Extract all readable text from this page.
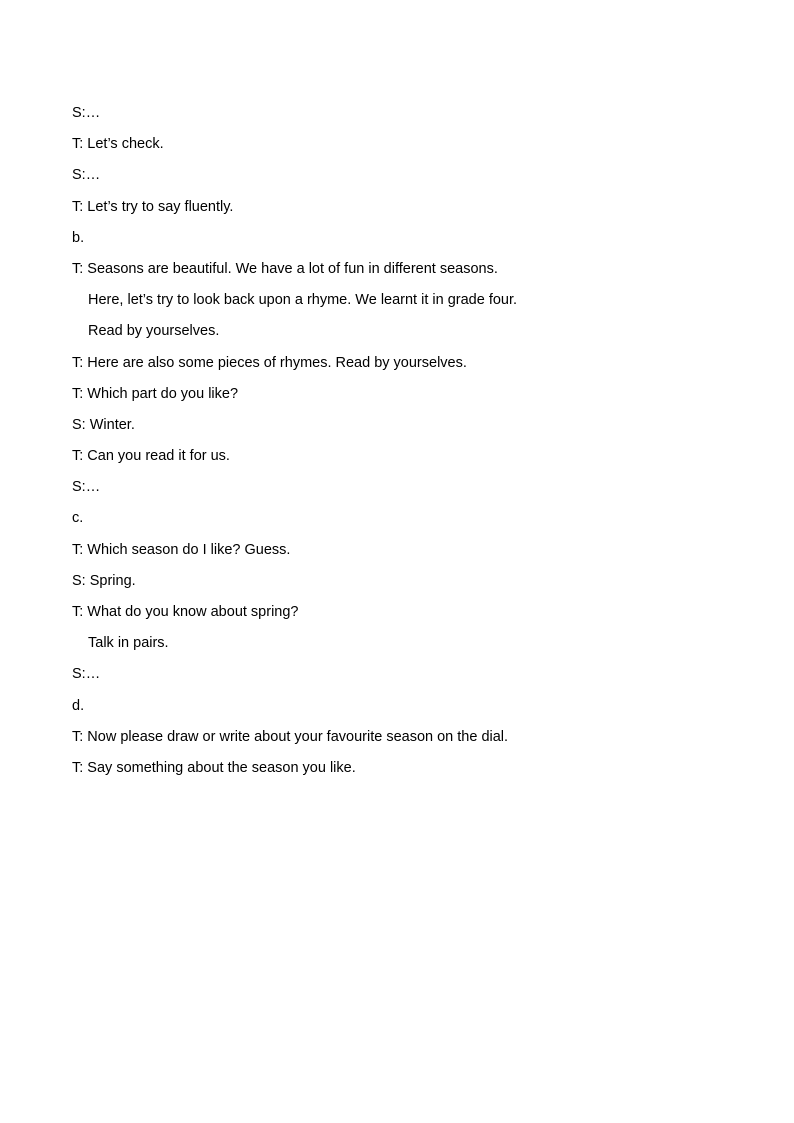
S:…

T: Let’s check.

S:…

T: Let’s try to say fluently.

b.

T: Seasons are beautiful. We have a lot of fun in different seasons.

Here, let’s try to look back upon a rhyme. We learnt it in grade four.

Read by yourselves.

T: Here are also some pieces of rhymes. Read by yourselves.

T: Which part do you like?

S: Winter.

T: Can you read it for us.

S:…

c.

T: Which season do I like? Guess.

S: Spring.

T: What do you know about spring?

Talk in pairs.

S:…

d.

T: Now please draw or write about your favourite season on the dial.

T: Say something about the season you like.
